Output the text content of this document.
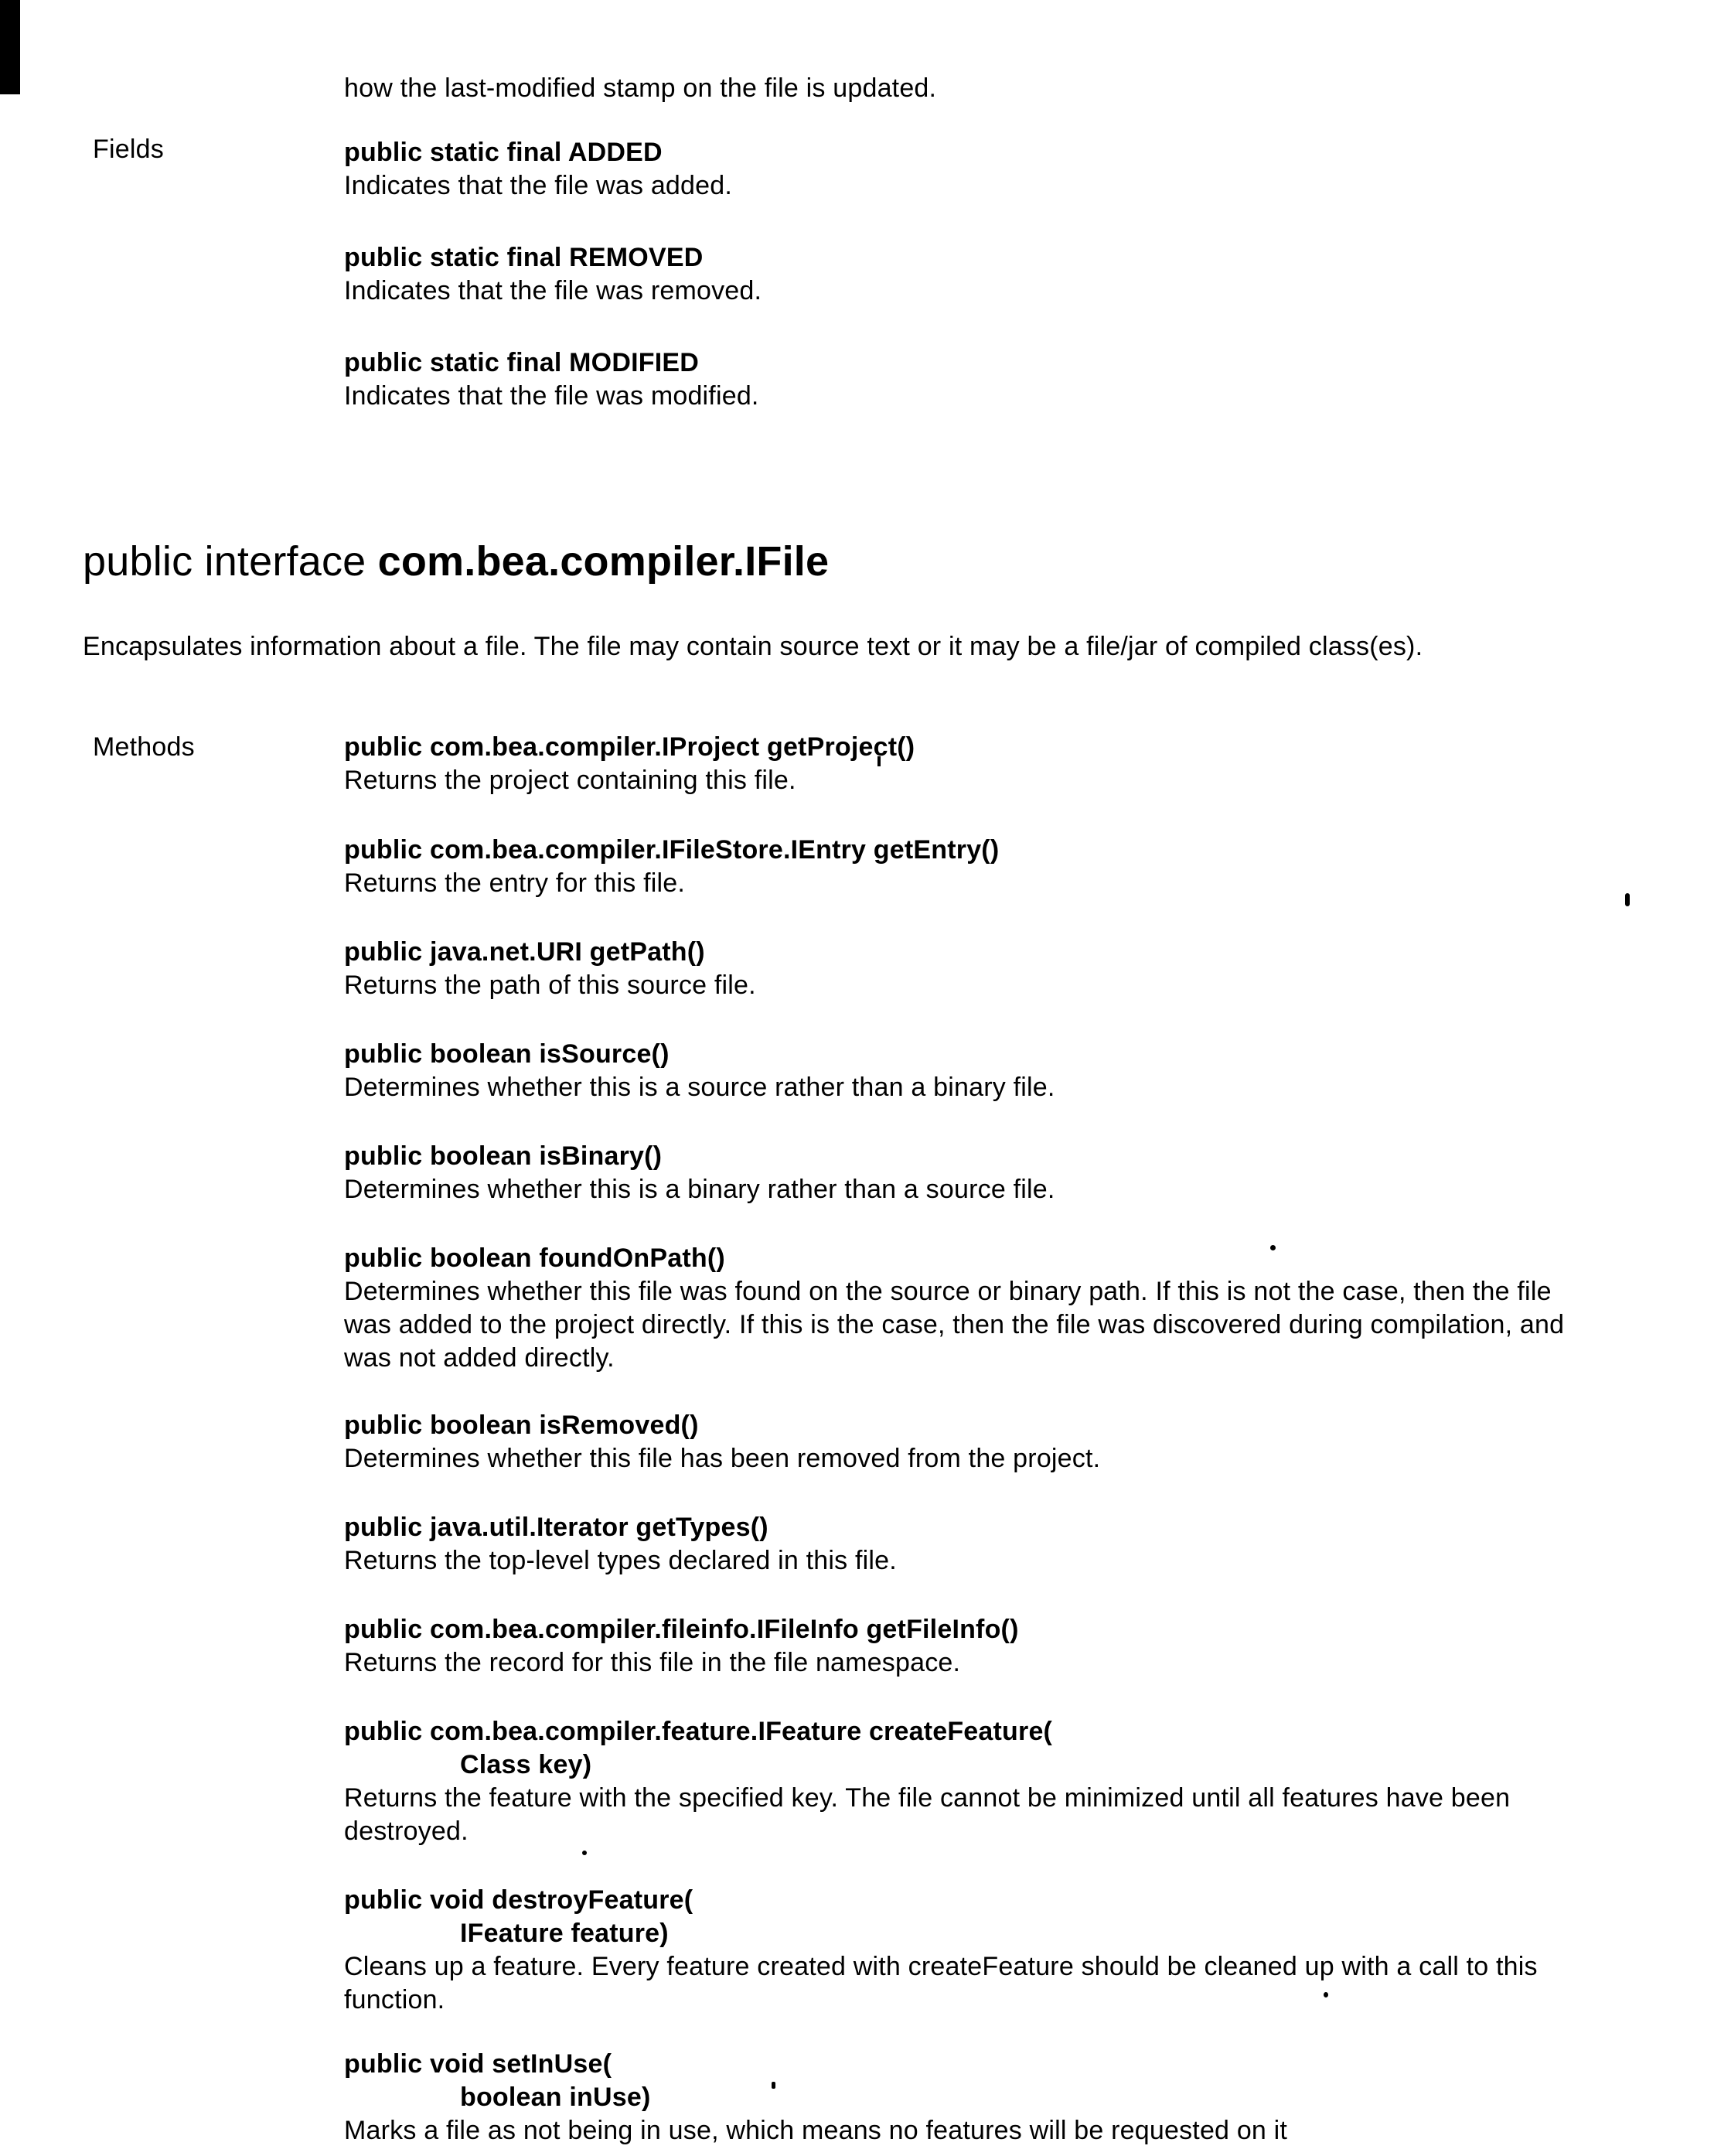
how the last-modified stamp on the file is updated.
Fields	public static final ADDED
Indicates that the file was added.
public static final REMOVED
Indicates that the file was removed.
public static final MODIFIED
Indicates that the file was modified.
public interface com.bea.compiler.IFile
Encapsulates information about a file. The file may contain source text or it may be a file/jar of compiled class(es).
Methods	public com.bea.compiler.IProject getProject()
Returns the project containing this file.
public com.bea.compiler.IFileStore.IEntry getEntry()
Returns the entry for this file.
public java.net.URI getPath()
Returns the path of this source file.
public boolean isSource()
Determines whether this is a source rather than a binary file.
public boolean isBinary()
Determines whether this is a binary rather than a source file.
public boolean foundOnPath()
Determines whether this file was found on the source or binary path. If this is not the case, then the file was added to the project directly. If this is the case, then the file was discovered during compilation, and was not added directly.
public boolean isRemoved()
Determines whether this file has been removed from the project.
public java.util.Iterator getTypes()
Returns the top-level types declared in this file.
public com.bea.compiler.fileinfo.IFileInfo getFileInfo()
Returns the record for this file in the file namespace.
public com.bea.compiler.feature.IFeature createFeature(
Class key)
Returns the feature with the specified key. The file cannot be minimized until all features have been destroyed.
public void destroyFeature(
IFeature feature)
Cleans up a feature. Every feature created with createFeature should be cleaned up with a call to this function.
public void setInUse(
boolean inUse)
Marks a file as not being in use, which means no features will be requested on it
